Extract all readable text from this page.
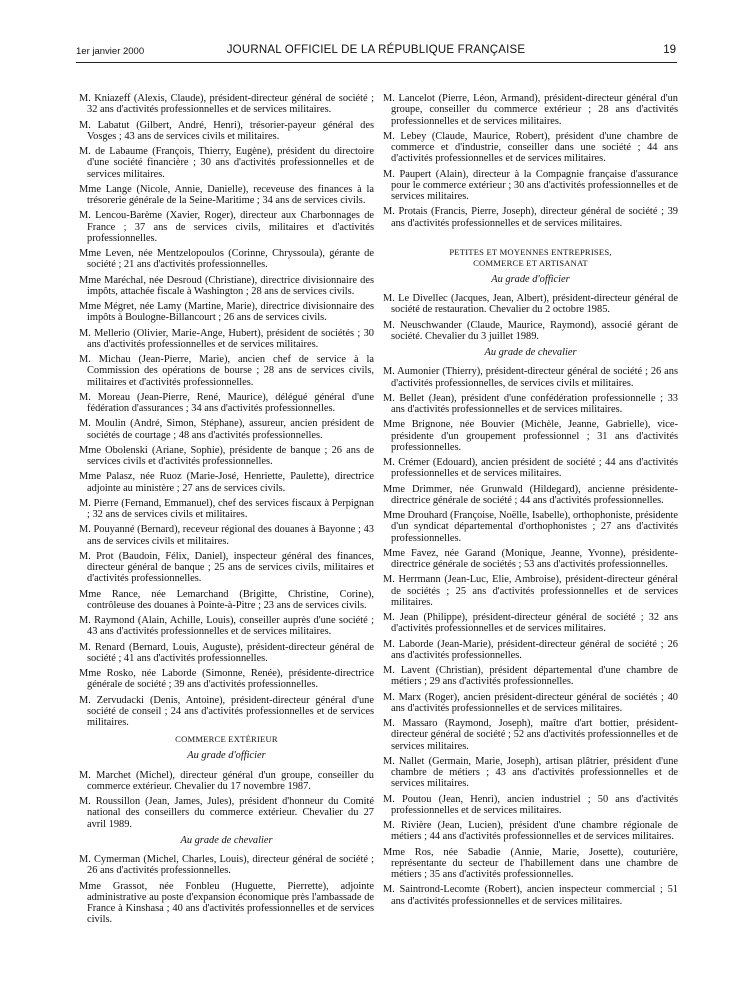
1er janvier 2000	JOURNAL OFFICIEL DE LA RÉPUBLIQUE FRANÇAISE	19

M. Kniazeff (Alexis, Claude), président-directeur général de société ; 32 ans d'activités professionnelles et de services militaires.

M. Labatut (Gilbert, André, Henri), trésorier-payeur général des Vosges ; 43 ans de services civils et militaires.

M. de Labaume (François, Thierry, Eugène), président du directoire d'une société financière ; 30 ans d'activités professionnelles et de services militaires.

Mme Lange (Nicole, Annie, Danielle), receveuse des finances à la trésorerie générale de la Seine-Maritime ; 34 ans de services civils.

M. Lencou-Barème (Xavier, Roger), directeur aux Charbonnages de France ; 37 ans de services civils, militaires et d'activités professionnelles.

Mme Leven, née Mentzelopoulos (Corinne, Chryssoula), gérante de société ; 21 ans d'activités professionnelles.

Mme Maréchal, née Desroud (Christiane), directrice divisionnaire des impôts, attachée fiscale à Washington ; 28 ans de services civils.

Mme Mégret, née Lamy (Martine, Marie), directrice divisionnaire des impôts à Boulogne-Billancourt ; 26 ans de services civils.

M. Mellerio (Olivier, Marie-Ange, Hubert), président de sociétés ; 30 ans d'activités professionnelles et de services militaires.

M. Michau (Jean-Pierre, Marie), ancien chef de service à la Commission des opérations de bourse ; 28 ans de services civils, militaires et d'activités professionnelles.

M. Moreau (Jean-Pierre, René, Maurice), délégué général d'une fédération d'assurances ; 34 ans d'activités professionnelles.

M. Moulin (André, Simon, Stéphane), assureur, ancien président de sociétés de courtage ; 48 ans d'activités professionnelles.

Mme Obolenski (Ariane, Sophie), présidente de banque ; 26 ans de services civils et d'activités professionnelles.

Mme Palasz, née Ruoz (Marie-José, Henriette, Paulette), directrice adjointe au ministère ; 27 ans de services civils.

M. Pierre (Fernand, Emmanuel), chef des services fiscaux à Perpignan ; 32 ans de services civils et militaires.

M. Pouyanné (Bernard), receveur régional des douanes à Bayonne ; 43 ans de services civils et militaires.

M. Prot (Baudoin, Félix, Daniel), inspecteur général des finances, directeur général de banque ; 25 ans de services civils, militaires et d'activités professionnelles.

Mme Rance, née Lemarchand (Brigitte, Christine, Corine), contrôleuse des douanes à Pointe-à-Pitre ; 23 ans de services civils.

M. Raymond (Alain, Achille, Louis), conseiller auprès d'une société ; 43 ans d'activités professionnelles et de services militaires.

M. Renard (Bernard, Louis, Auguste), président-directeur général de société ; 41 ans d'activités professionnelles.

Mme Rosko, née Laborde (Simonne, Renée), présidente-directrice générale de société ; 39 ans d'activités professionnelles.

M. Zervudacki (Denis, Antoine), président-directeur général d'une société de conseil ; 24 ans d'activités professionnelles et de services militaires.

COMMERCE EXTÉRIEUR
Au grade d'officier

M. Marchet (Michel), directeur général d'un groupe, conseiller du commerce extérieur. Chevalier du 17 novembre 1987.

M. Roussillon (Jean, James, Jules), président d'honneur du Comité national des conseillers du commerce extérieur. Chevalier du 27 avril 1989.

Au grade de chevalier

M. Cymerman (Michel, Charles, Louis), directeur général de société ; 26 ans d'activités professionnelles.

Mme Grassot, née Fonbleu (Huguette, Pierrette), adjointe administrative au poste d'expansion économique près l'ambassade de France à Kinshasa ; 40 ans d'activités professionnelles et de services civils.

M. Lancelot (Pierre, Léon, Armand), président-directeur général d'un groupe, conseiller du commerce extérieur ; 28 ans d'activités professionnelles et de services militaires.

M. Lebey (Claude, Maurice, Robert), président d'une chambre de commerce et d'industrie, conseiller dans une société ; 44 ans d'activités professionnelles et de services militaires.

M. Paupert (Alain), directeur à la Compagnie française d'assurance pour le commerce extérieur ; 30 ans d'activités professionnelles et de services militaires.

M. Protais (Francis, Pierre, Joseph), directeur général de société ; 39 ans d'activités professionnelles et de services militaires.

PETITES ET MOYENNES ENTREPRISES,
COMMERCE ET ARTISANAT
Au grade d'officier

M. Le Divellec (Jacques, Jean, Albert), président-directeur général de société de restauration. Chevalier du 2 octobre 1985.

M. Neuschwander (Claude, Maurice, Raymond), associé gérant de société. Chevalier du 3 juillet 1989.

Au grade de chevalier

M. Aumonier (Thierry), président-directeur général de société ; 26 ans d'activités professionnelles, de services civils et militaires.

M. Bellet (Jean), président d'une confédération professionnelle ; 33 ans d'activités professionnelles et de services militaires.

Mme Brignone, née Bouvier (Michèle, Jeanne, Gabrielle), vice-présidente d'un groupement professionnel ; 31 ans d'activités professionnelles.

M. Crémer (Edouard), ancien président de société ; 44 ans d'activités professionnelles et de services militaires.

Mme Drimmer, née Grunwald (Hildegard), ancienne présidente-directrice générale de société ; 44 ans d'activités professionnelles.

Mme Drouhard (Françoise, Noëlle, Isabelle), orthophoniste, présidente d'un syndicat départemental d'orthophonistes ; 27 ans d'activités professionnelles.

Mme Favez, née Garand (Monique, Jeanne, Yvonne), présidente-directrice générale de sociétés ; 53 ans d'activités professionnelles.

M. Herrmann (Jean-Luc, Elie, Ambroise), président-directeur général de sociétés ; 25 ans d'activités professionnelles et de services militaires.

M. Jean (Philippe), président-directeur général de société ; 32 ans d'activités professionnelles et de services militaires.

M. Laborde (Jean-Marie), président-directeur général de société ; 26 ans d'activités professionnelles.

M. Lavent (Christian), président départemental d'une chambre de métiers ; 29 ans d'activités professionnelles.

M. Marx (Roger), ancien président-directeur général de sociétés ; 40 ans d'activités professionnelles et de services militaires.

M. Massaro (Raymond, Joseph), maître d'art bottier, président-directeur général de société ; 52 ans d'activités professionnelles et de services militaires.

M. Nallet (Germain, Marie, Joseph), artisan plâtrier, président d'une chambre de métiers ; 43 ans d'activités professionnelles et de services militaires.

M. Poutou (Jean, Henri), ancien industriel ; 50 ans d'activités professionnelles et de services militaires.

M. Rivière (Jean, Lucien), président d'une chambre régionale de métiers ; 44 ans d'activités professionnelles et de services militaires.

Mme Ros, née Sabadie (Annie, Marie, Josette), couturière, représentante du secteur de l'habillement dans une chambre de métiers ; 35 ans d'activités professionnelles.

M. Saintrond-Lecomte (Robert), ancien inspecteur commercial ; 51 ans d'activités professionnelles et de services militaires.
